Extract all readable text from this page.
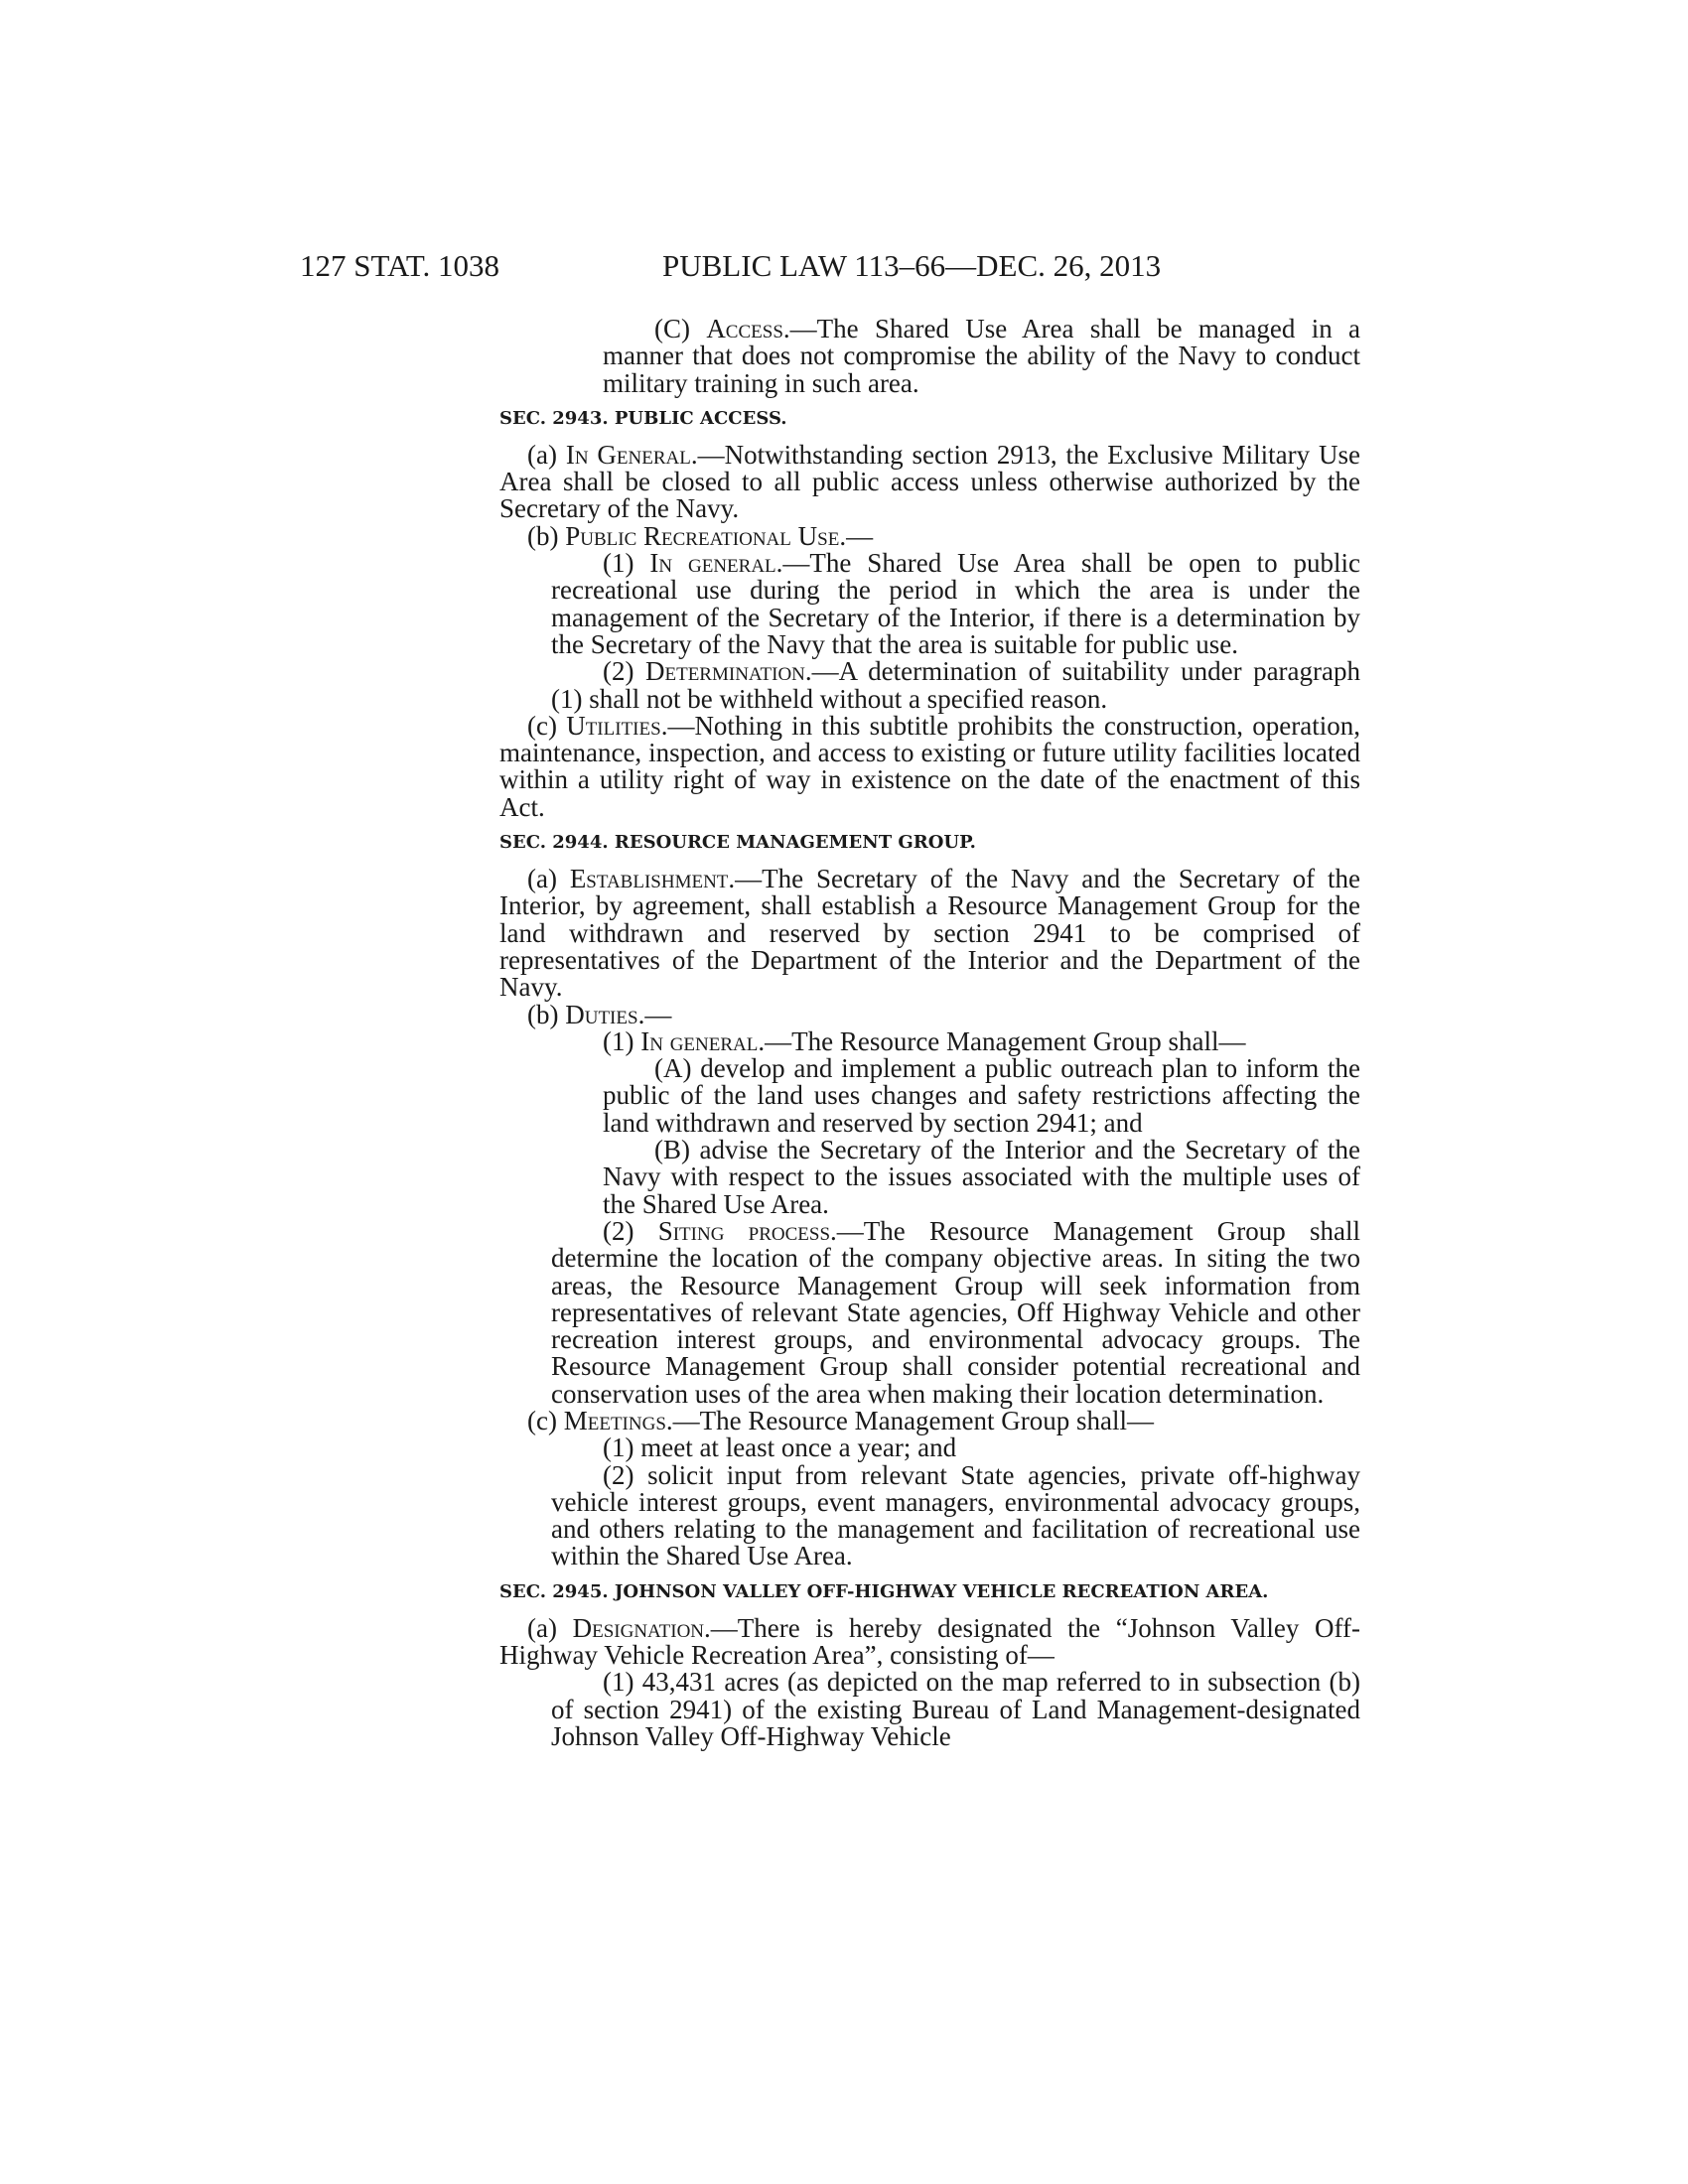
127 STAT. 1038	PUBLIC LAW 113–66—DEC. 26, 2013

(C) Access.—The Shared Use Area shall be managed in a manner that does not compromise the ability of the Navy to conduct military training in such area.

SEC. 2943. PUBLIC ACCESS.

(a) In General.—Notwithstanding section 2913, the Exclusive Military Use Area shall be closed to all public access unless otherwise authorized by the Secretary of the Navy.

(b) Public Recreational Use.—

(1) In general.—The Shared Use Area shall be open to public recreational use during the period in which the area is under the management of the Secretary of the Interior, if there is a determination by the Secretary of the Navy that the area is suitable for public use.

(2) Determination.—A determination of suitability under paragraph (1) shall not be withheld without a specified reason.

(c) Utilities.—Nothing in this subtitle prohibits the construction, operation, maintenance, inspection, and access to existing or future utility facilities located within a utility right of way in existence on the date of the enactment of this Act.

SEC. 2944. RESOURCE MANAGEMENT GROUP.

(a) Establishment.—The Secretary of the Navy and the Secretary of the Interior, by agreement, shall establish a Resource Management Group for the land withdrawn and reserved by section 2941 to be comprised of representatives of the Department of the Interior and the Department of the Navy.

(b) Duties.—

(1) In general.—The Resource Management Group shall—

(A) develop and implement a public outreach plan to inform the public of the land uses changes and safety restrictions affecting the land withdrawn and reserved by section 2941; and

(B) advise the Secretary of the Interior and the Secretary of the Navy with respect to the issues associated with the multiple uses of the Shared Use Area.

(2) Siting process.—The Resource Management Group shall determine the location of the company objective areas. In siting the two areas, the Resource Management Group will seek information from representatives of relevant State agencies, Off Highway Vehicle and other recreation interest groups, and environmental advocacy groups. The Resource Management Group shall consider potential recreational and conservation uses of the area when making their location determination.

(c) Meetings.—The Resource Management Group shall—

(1) meet at least once a year; and

(2) solicit input from relevant State agencies, private off-highway vehicle interest groups, event managers, environmental advocacy groups, and others relating to the management and facilitation of recreational use within the Shared Use Area.

SEC. 2945. JOHNSON VALLEY OFF-HIGHWAY VEHICLE RECREATION AREA.

(a) Designation.—There is hereby designated the “Johnson Valley Off-Highway Vehicle Recreation Area”, consisting of—

(1) 43,431 acres (as depicted on the map referred to in subsection (b) of section 2941) of the existing Bureau of Land Management-designated Johnson Valley Off-Highway Vehicle
